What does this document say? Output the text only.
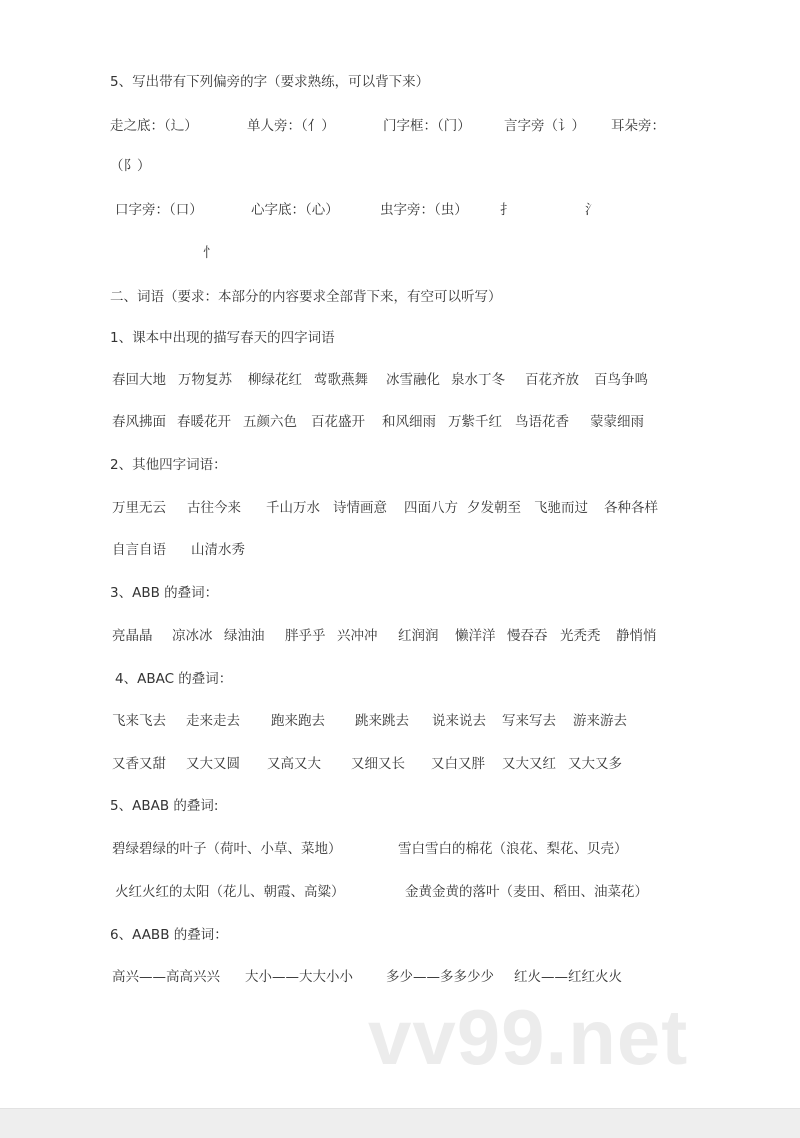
5、写出带有下列偏旁的字（要求熟练，可以背下来）
走之底：（辶）	单人旁：（亻）	门字框：（门） 言字旁（讠） 耳朵旁：
（阝）
口字旁：（口）	心字底：（心）	虫字旁：（虫） 扌	氵
忄
二、词语（要求：本部分的内容要求全部背下来，有空可以听写）
1、课本中出现的描写春天的四字词语
春回大地 万物复苏 柳绿花红 莺歌燕舞 冰雪融化 泉水丁冬 百花齐放 百鸟争鸣
春风拂面 春暖花开 五颜六色 百花盛开 和风细雨 万紫千红 鸟语花香 蒙蒙细雨
2、其他四字词语：
万里无云 古往今来 千山万水 诗情画意 四面八方 夕发朝至 飞驰而过 各种各样
自言自语 山清水秀
3、ABB 的叠词：
亮晶晶 凉冰冰 绿油油 胖乎乎 兴冲冲 红润润 懒洋洋 慢吞吞 光秃秃 静悄悄
4、ABAC 的叠词：
飞来飞去 走来走去 跑来跑去 跳来跳去 说来说去 写来写去 游来游去
又香又甜 又大又圆 又高又大 又细又长 又白又胖 又大又红 又大又多
5、ABAB 的叠词:
碧绿碧绿的叶子（荷叶、小草、菜地）	雪白雪白的棉花（浪花、梨花、贝壳）
火红火红的太阳（花儿、朝霞、高粱）	金黄金黄的落叶（麦田、稻田、油菜花）
6、AABB 的叠词：
高兴——高高兴兴 大小——大大小小 多少——多多少少 红火——红红火火
vv99.net
